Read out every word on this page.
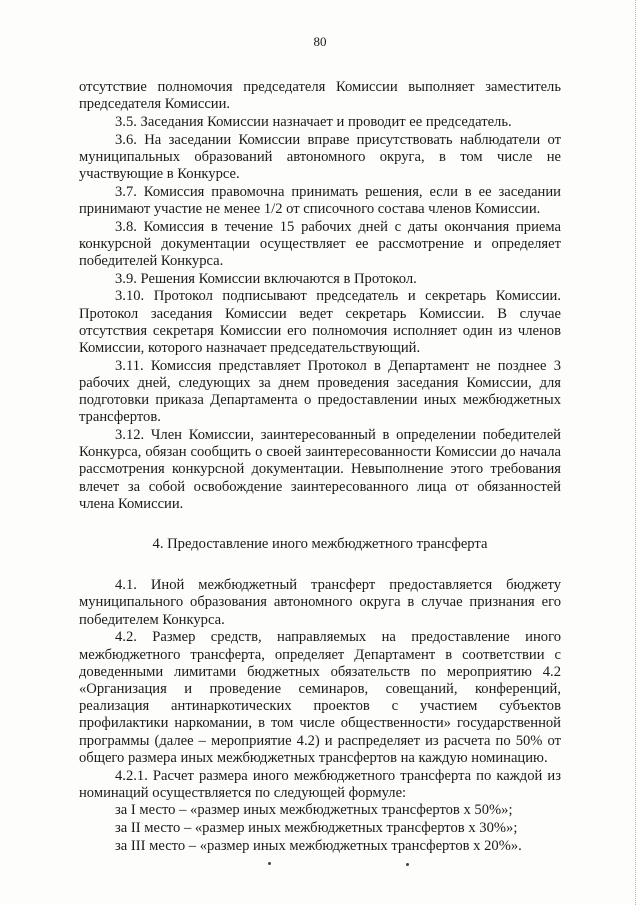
80

отсутствие полномочия председателя Комиссии выполняет заместитель председателя Комиссии.

3.5. Заседания Комиссии назначает и проводит ее председатель.

3.6. На заседании Комиссии вправе присутствовать наблюдатели от муниципальных образований автономного округа, в том числе не участвующие в Конкурсе.

3.7. Комиссия правомочна принимать решения, если в ее заседании принимают участие не менее 1/2 от списочного состава членов Комиссии.

3.8. Комиссия в течение 15 рабочих дней с даты окончания приема конкурсной документации осуществляет ее рассмотрение и определяет победителей Конкурса.

3.9. Решения Комиссии включаются в Протокол.

3.10. Протокол подписывают председатель и секретарь Комиссии. Протокол заседания Комиссии ведет секретарь Комиссии. В случае отсутствия секретаря Комиссии его полномочия исполняет один из членов Комиссии, которого назначает председательствующий.

3.11. Комиссия представляет Протокол в Департамент не позднее 3 рабочих дней, следующих за днем проведения заседания Комиссии, для подготовки приказа Департамента о предоставлении иных межбюджетных трансфертов.

3.12. Член Комиссии, заинтересованный в определении победителей Конкурса, обязан сообщить о своей заинтересованности Комиссии до начала рассмотрения конкурсной документации. Невыполнение этого требования влечет за собой освобождение заинтересованного лица от обязанностей члена Комиссии.

4. Предоставление иного межбюджетного трансферта

4.1. Иной межбюджетный трансферт предоставляется бюджету муниципального образования автономного округа в случае признания его победителем Конкурса.

4.2. Размер средств, направляемых на предоставление иного межбюджетного трансферта, определяет Департамент в соответствии с доведенными лимитами бюджетных обязательств по мероприятию 4.2 «Организация и проведение семинаров, совещаний, конференций, реализация антинаркотических проектов с участием субъектов профилактики наркомании, в том числе общественности» государственной программы (далее – мероприятие 4.2) и распределяет из расчета по 50% от общего размера иных межбюджетных трансфертов на каждую номинацию.

4.2.1. Расчет размера иного межбюджетного трансферта по каждой из номинаций осуществляется по следующей формуле:

за I место – «размер иных межбюджетных трансфертов х 50%»;

за II место – «размер иных межбюджетных трансфертов х 30%»;

за III место – «размер иных межбюджетных трансфертов х 20%».
